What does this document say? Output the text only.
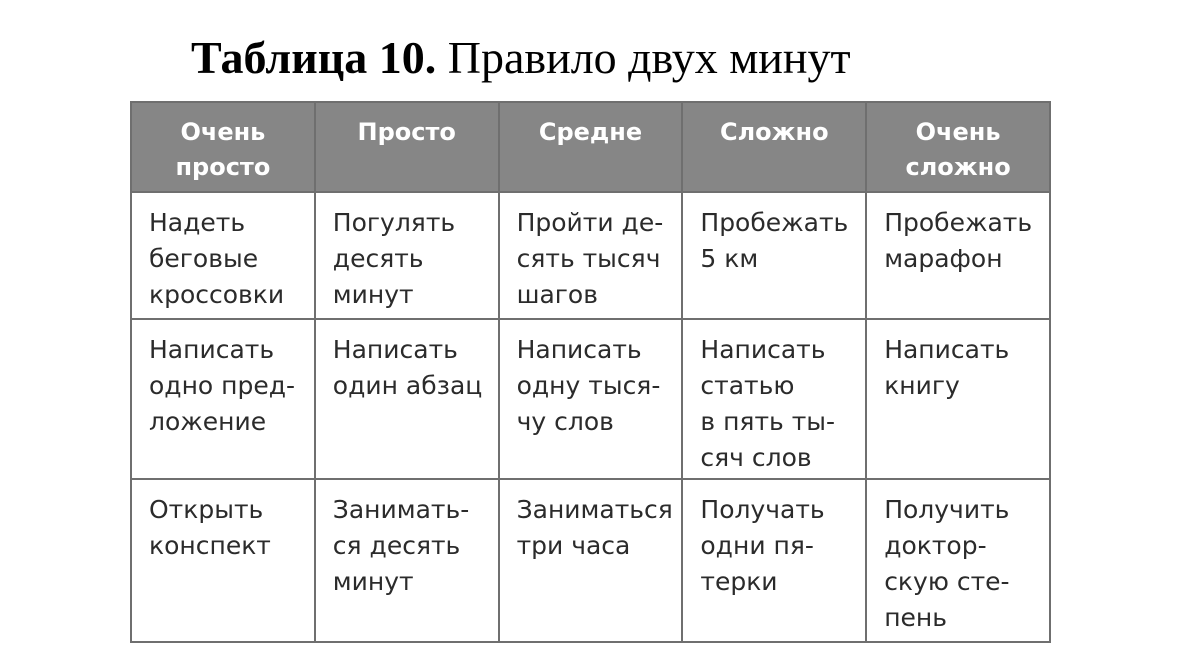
Таблица 10. Правило двух минут
Очень
просто	Просто	Средне	Сложно	Очень
сложно

Надеть
беговые
кроссовки	Погулять
десять
минут	Пройти де-
сять тысяч
шагов	Пробежать
5 км	Пробежать
марафон

Написать
одно пред-
ложение	Написать
один абзац	Написать
одну тыся-
чу слов	Написать
статью
в пять ты-
сяч слов	Написать
книгу

Открыть
конспект	Занимать-
ся десять
минут	Заниматься
три часа	Получать
одни пя-
терки	Получить
доктор-
скую сте-
пень
